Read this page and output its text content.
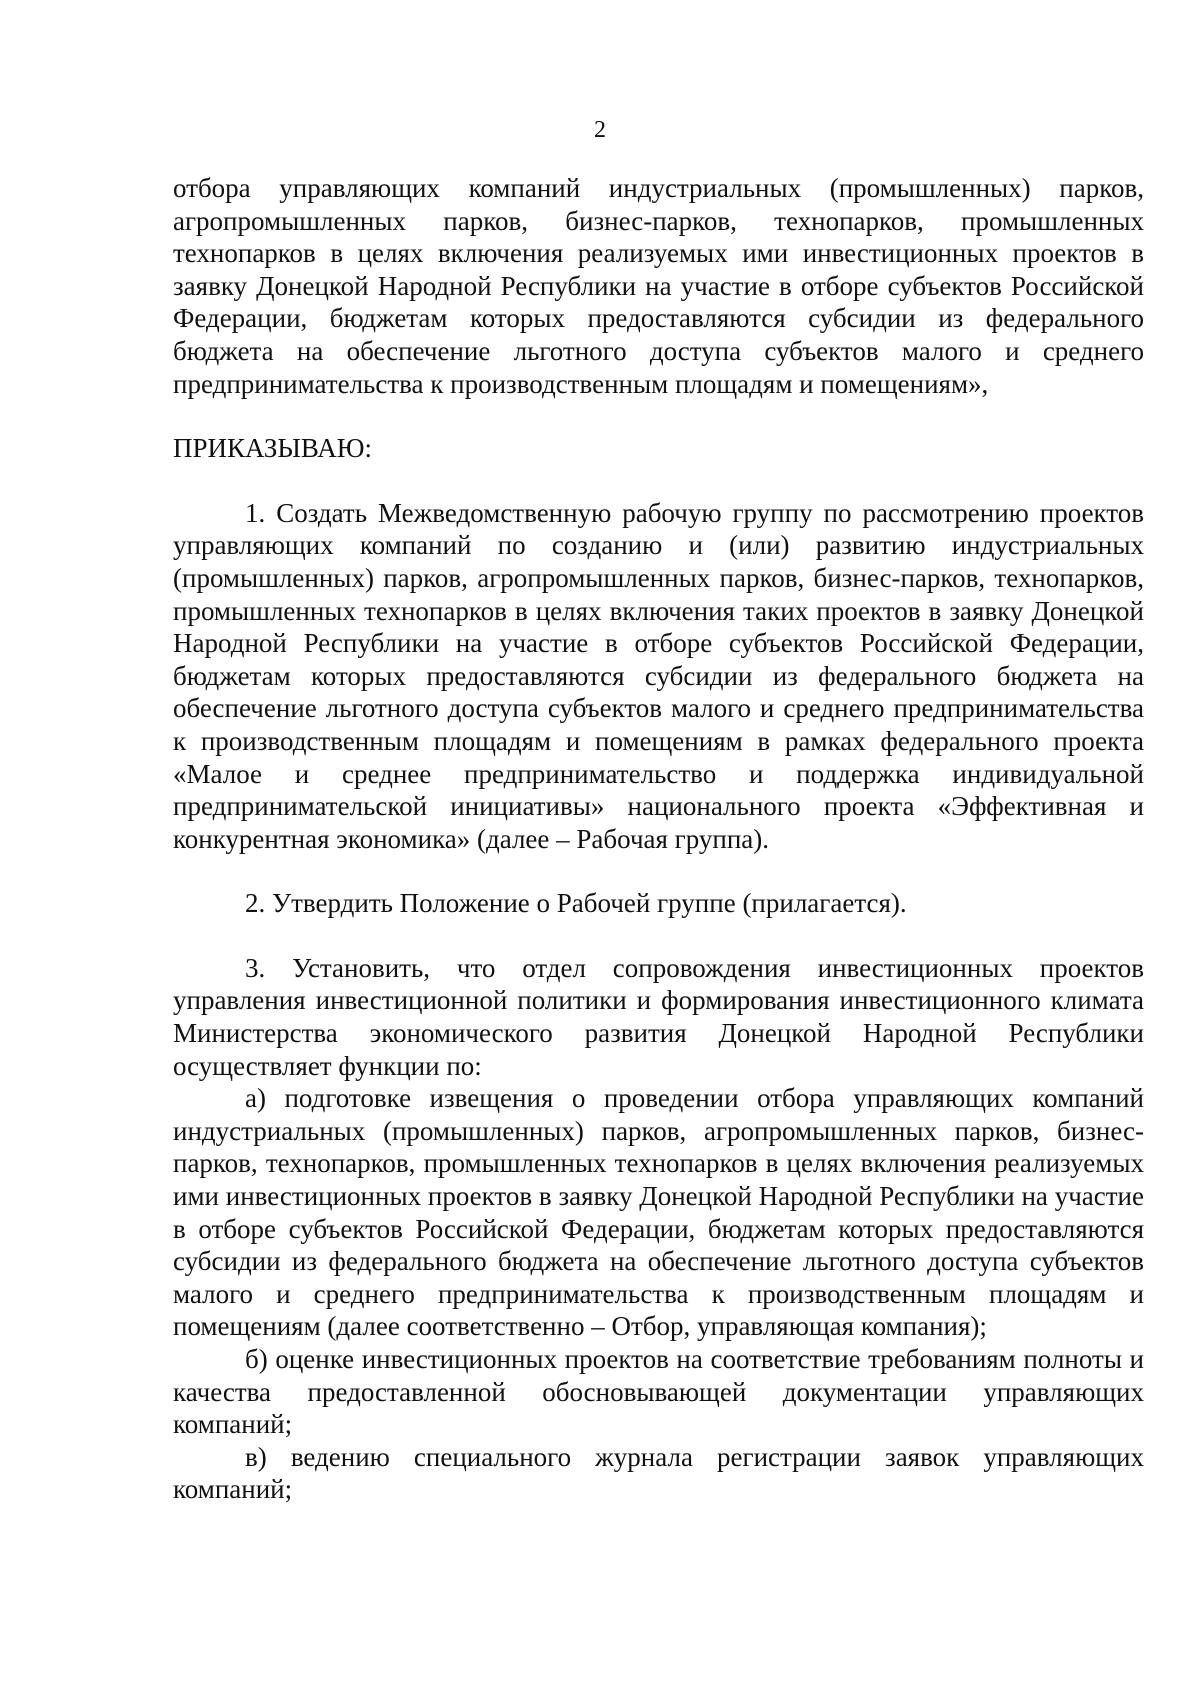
2

отбора управляющих компаний индустриальных (промышленных) парков, агропромышленных парков, бизнес-парков, технопарков, промышленных технопарков в целях включения реализуемых ими инвестиционных проектов в заявку Донецкой Народной Республики на участие в отборе субъектов Российской Федерации, бюджетам которых предоставляются субсидии из федерального бюджета на обеспечение льготного доступа субъектов малого и среднего предпринимательства к производственным площадям и помещениям»,

ПРИКАЗЫВАЮ:

1. Создать Межведомственную рабочую группу по рассмотрению проектов управляющих компаний по созданию и (или) развитию индустриальных (промышленных) парков, агропромышленных парков, бизнес-парков, технопарков, промышленных технопарков в целях включения таких проектов в заявку Донецкой Народной Республики на участие в отборе субъектов Российской Федерации, бюджетам которых предоставляются субсидии из федерального бюджета на обеспечение льготного доступа субъектов малого и среднего предпринимательства к производственным площадям и помещениям в рамках федерального проекта «Малое и среднее предпринимательство и поддержка индивидуальной предпринимательской инициативы» национального проекта «Эффективная и конкурентная экономика» (далее – Рабочая группа).

2. Утвердить Положение о Рабочей группе (прилагается).

3. Установить, что отдел сопровождения инвестиционных проектов управления инвестиционной политики и формирования инвестиционного климата Министерства экономического развития Донецкой Народной Республики осуществляет функции по:

а) подготовке извещения о проведении отбора управляющих компаний индустриальных (промышленных) парков, агропромышленных парков, бизнес-парков, технопарков, промышленных технопарков в целях включения реализуемых ими инвестиционных проектов в заявку Донецкой Народной Республики на участие в отборе субъектов Российской Федерации, бюджетам которых предоставляются субсидии из федерального бюджета на обеспечение льготного доступа субъектов малого и среднего предпринимательства к производственным площадям и помещениям (далее соответственно – Отбор, управляющая компания);

б) оценке инвестиционных проектов на соответствие требованиям полноты и качества предоставленной обосновывающей документации управляющих компаний;

в) ведению специального журнала регистрации заявок управляющих компаний;
